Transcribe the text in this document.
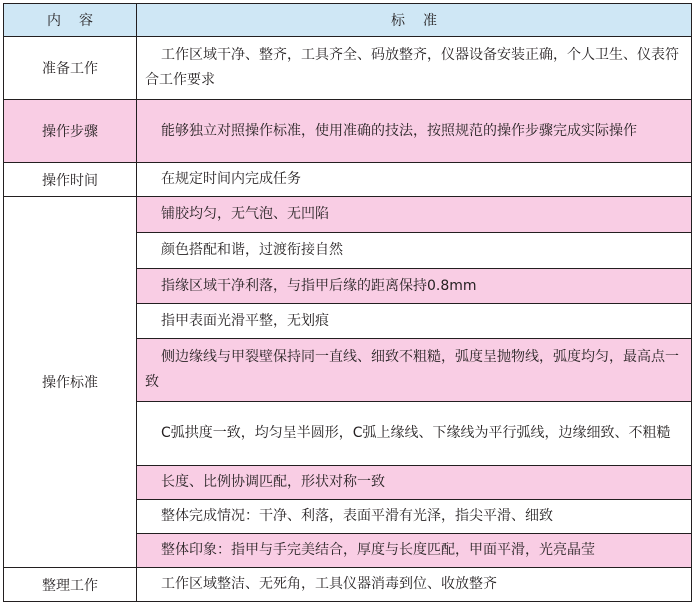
内容	标准
准备工作	工作区域干净、整齐，工具齐全、码放整齐，仪器设备安装正确，个人卫生、仪表符合工作要求
操作步骤	能够独立对照操作标准，使用准确的技法，按照规范的操作步骤完成实际操作
操作时间	在规定时间内完成任务
操作标准	铺胶均匀，无气泡、无凹陷
	颜色搭配和谐，过渡衔接自然
	指缘区域干净利落，与指甲后缘的距离保持0.8mm
	指甲表面光滑平整，无划痕
	侧边缘线与甲裂壁保持同一直线、细致不粗糙，弧度呈抛物线，弧度均匀，最高点一致
	C弧拱度一致，均匀呈半圆形，C弧上缘线、下缘线为平行弧线，边缘细致、不粗糙
	长度、比例协调匹配，形状对称一致
	整体完成情况：干净、利落，表面平滑有光泽，指尖平滑、细致
	整体印象：指甲与手完美结合，厚度与长度匹配，甲面平滑，光亮晶莹
整理工作	工作区域整洁、无死角，工具仪器消毒到位、收放整齐
